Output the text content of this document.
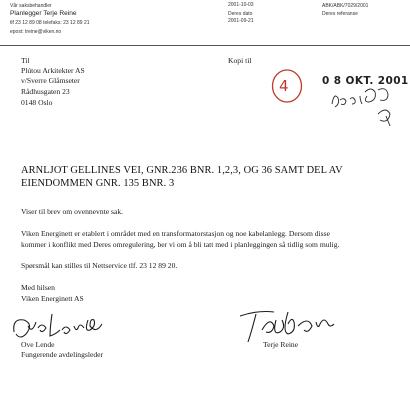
Vår saksbehandler
Planlegger Terje Reine
tlf 23 12 89 08 telefaks: 23 12 89 21
epost: treine@viken.no
2001-10-03
Deres dato
2001-09-21
ABK/ABK/7029/2001
Deres referanse
Til
Plútou Arkitekter AS
v/Sverre Glåmseter
Rådhusgaten 23
0148 Oslo
Kopi til
4	0 8 OKT. 2001
ARNLJOT GELLINES VEI, GNR.236 BNR. 1,2,3, OG 36 SAMT DEL AV
EIENDOMMEN GNR. 135 BNR. 3
Viser til brev om ovennevnte sak.
Viken Energinett er etablert i området med en transformatorstasjon og noe kabelanlegg. Dersom disse
kommer i konflikt med Deres omregulering, ber vi om å bli tatt med i planleggingen så tidlig som mulig.
Spørsmål kan stilles til Nettservice tlf. 23 12 89 20.
Med hilsen
Viken Energinett AS
Ove Lende
Fungerende avdelingsleder
Terje Reine
